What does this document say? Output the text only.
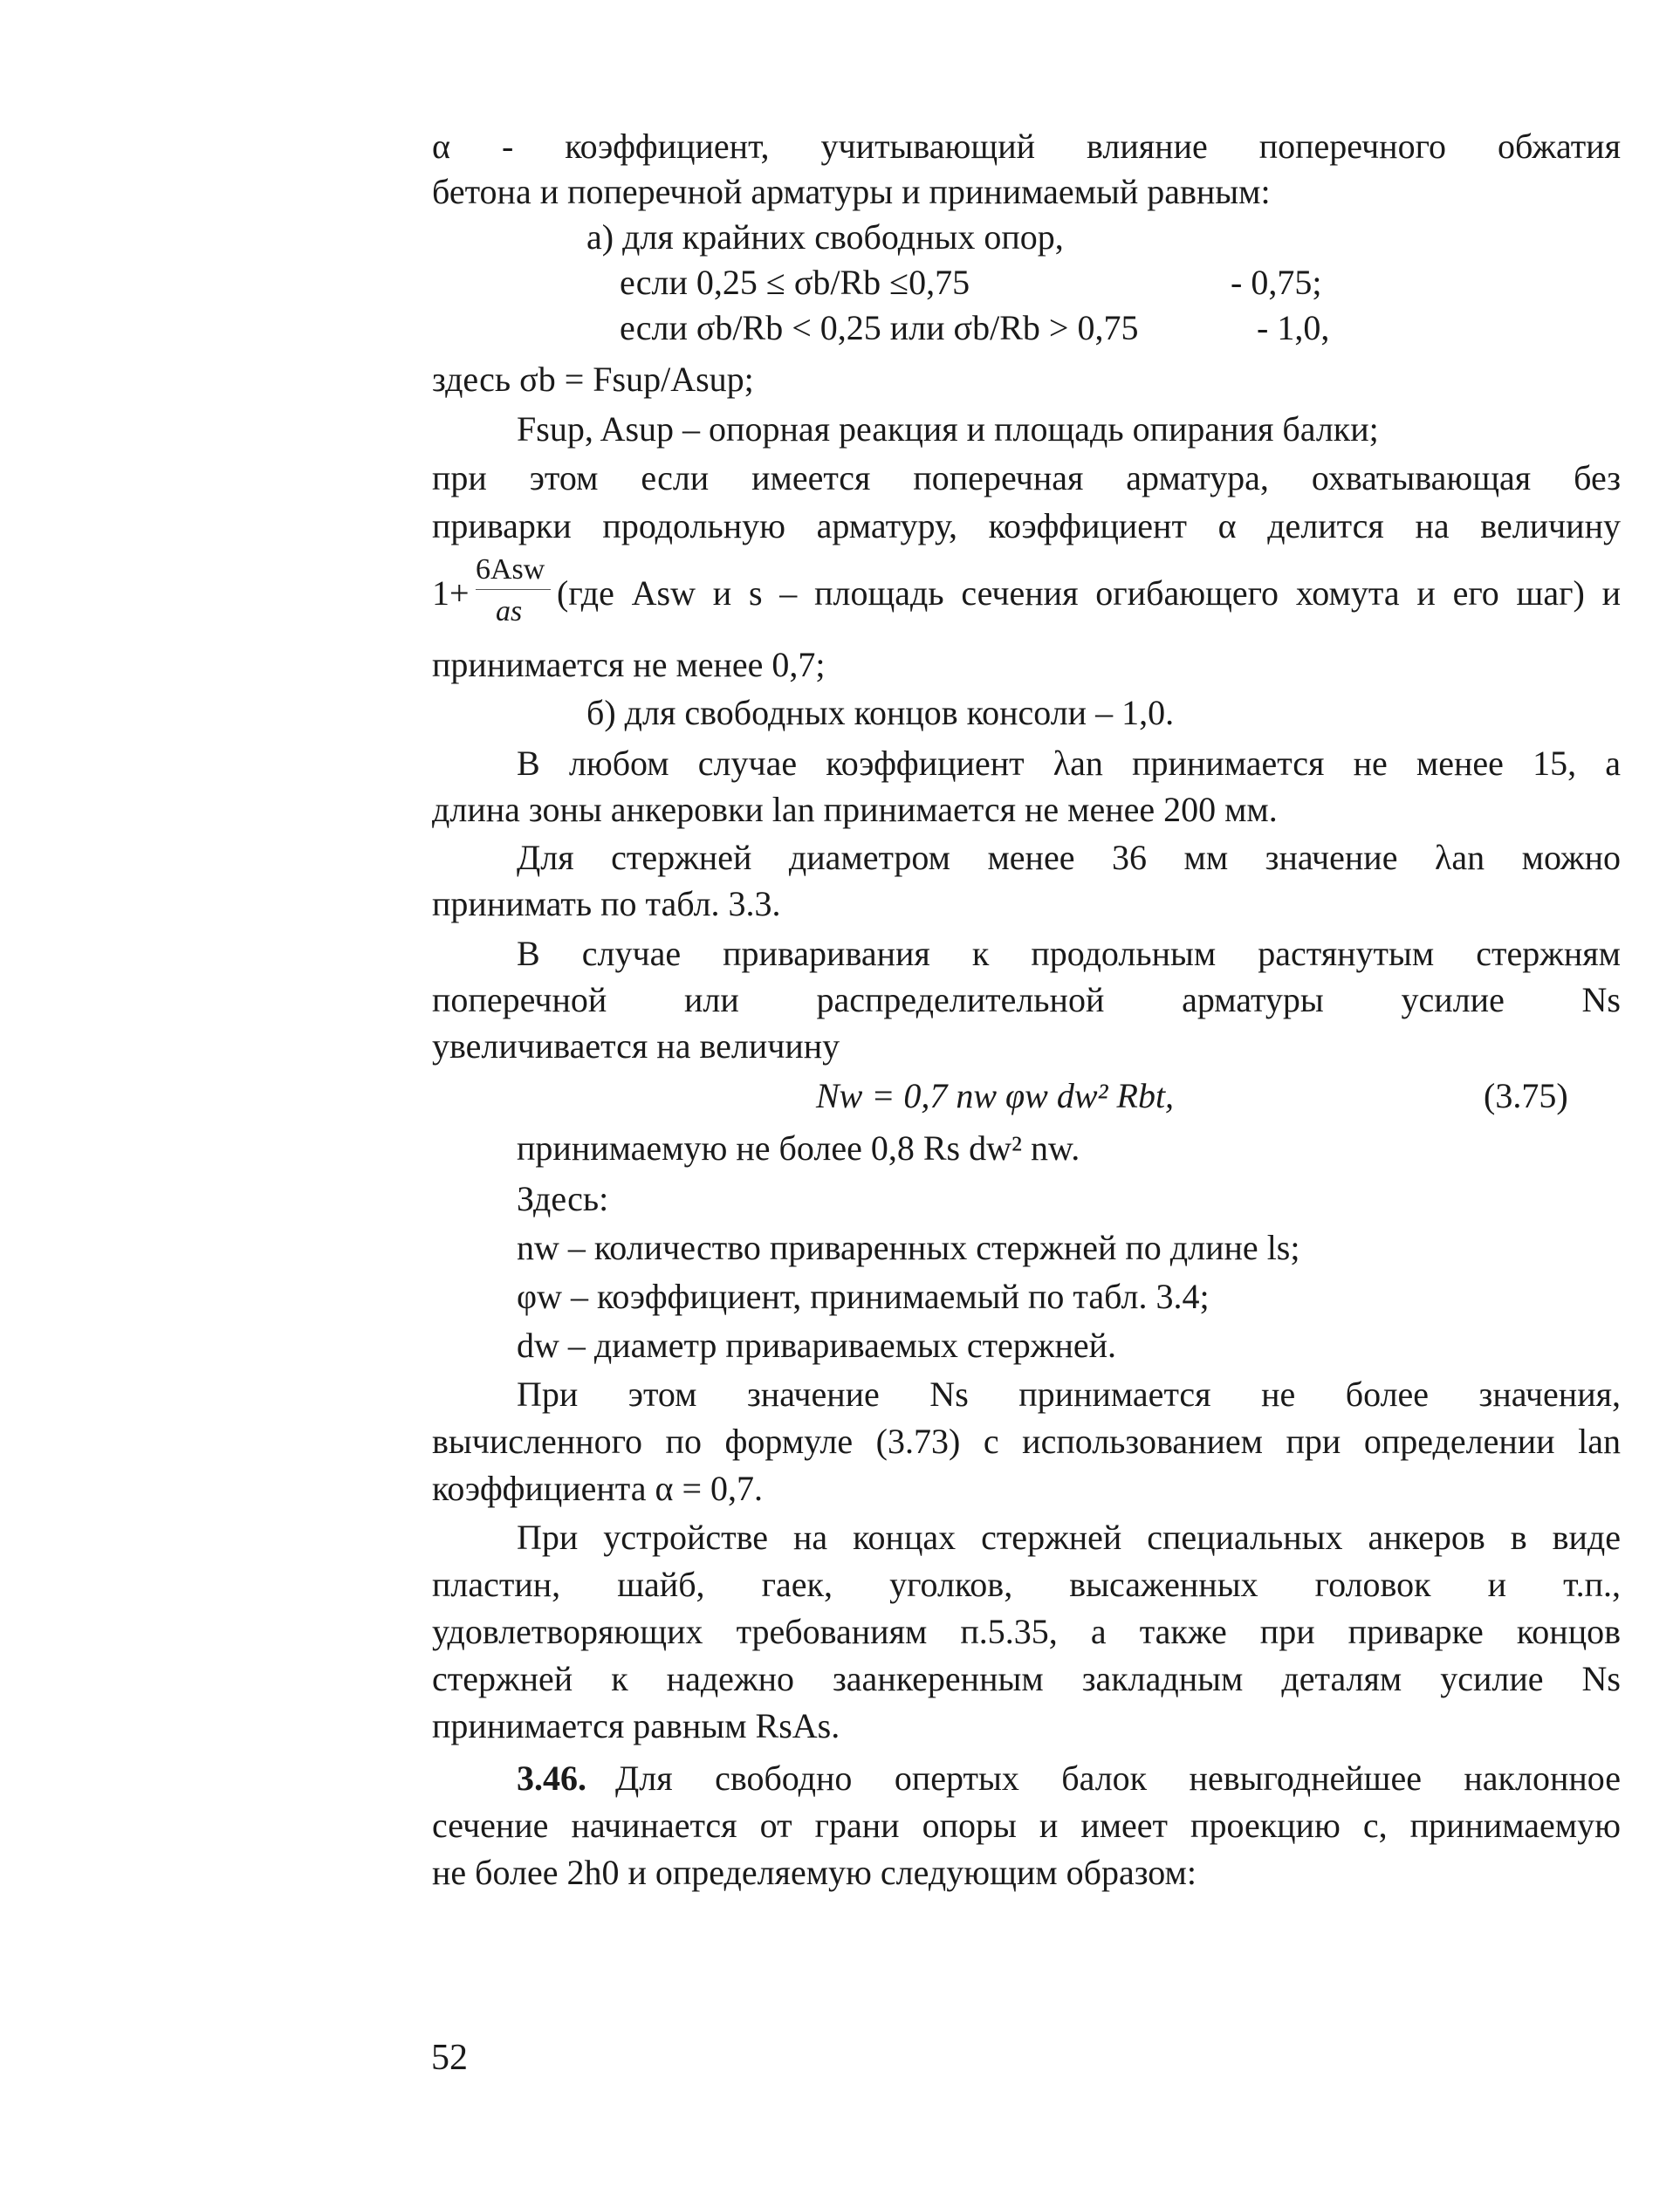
α - коэффициент, учитывающий влияние поперечного обжатия
бетона и поперечной арматуры и принимаемый равным:
а) для крайних свободных опор,
если 0,25 ≤ σb/Rb ≤0,75	- 0,75;
если σb/Rb < 0,25 или σb/Rb > 0,75	- 1,0,
здесь σb = Fsup/Asup;
Fsup, Asup – опорная реакция и площадь опирания балки;
при этом если имеется поперечная арматура, охватывающая без
приварки продольную арматуру, коэффициент α делится на величину
1+
6Asw
as (где Asw и s – площадь сечения огибающего хомута и его шаг) и
принимается не менее 0,7;
б) для свободных концов консоли – 1,0.
В любом случае коэффициент λan принимается не менее 15, а
длина зоны анкеровки lan принимается не менее 200 мм.
Для стержней диаметром менее 36 мм значение λan можно
принимать по табл. 3.3.
В случае приваривания к продольным растянутым стержням
поперечной или распределительной арматуры усилие Ns
увеличивается на величину
Nw = 0,7 nw φw dw² Rbt,	(3.75)
принимаемую не более 0,8 Rs dw² nw.
Здесь:
nw – количество приваренных стержней по длине ls;
φw – коэффициент, принимаемый по табл. 3.4;
dw – диаметр привариваемых стержней.
При этом значение Ns принимается не более значения,
вычисленного по формуле (3.73) с использованием при определении lan
коэффициента α = 0,7.
При устройстве на концах стержней специальных анкеров в виде
пластин, шайб, гаек, уголков, высаженных головок и т.п.,
удовлетворяющих требованиям п.5.35, а также при приварке концов
стержней к надежно заанкеренным закладным деталям усилие Ns
принимается равным RsAs.
3.46. Для свободно опертых балок невыгоднейшее наклонное
сечение начинается от грани опоры и имеет проекцию c, принимаемую
не более 2h0 и определяемую следующим образом:
52
